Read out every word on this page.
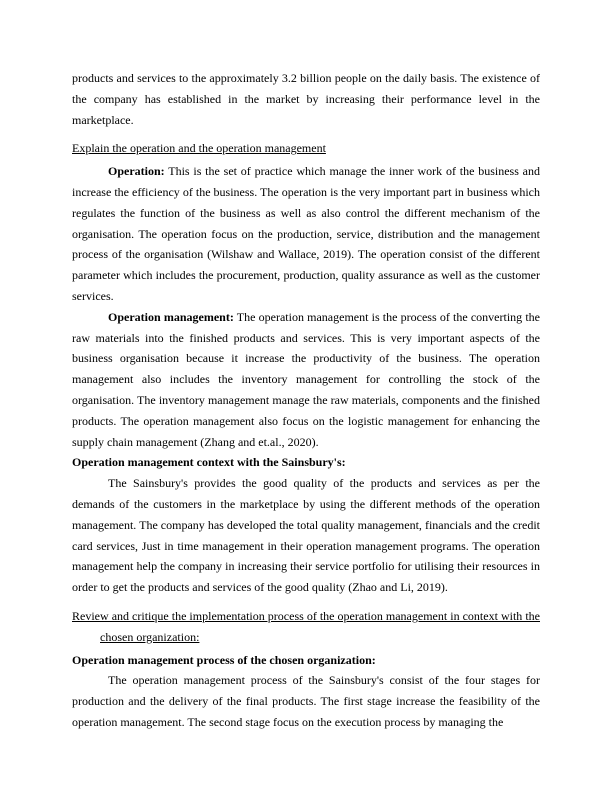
products and services to the approximately 3.2 billion people on the daily basis. The existence of the company has established in the market by increasing their performance level in the marketplace.

Explain the operation and the operation management

Operation: This is the set of practice which manage the inner work of the business and increase the efficiency of the business. The operation is the very important part in business which regulates the function of the business as well as also control the different mechanism of the organisation. The operation focus on the production, service, distribution and the management process of the organisation (Wilshaw and Wallace, 2019). The operation consist of the different parameter which includes the procurement, production, quality assurance as well as the customer services.

Operation management: The operation management is the process of the converting the raw materials into the finished products and services. This is very important aspects of the business organisation because it increase the productivity of the business. The operation management also includes the inventory management for controlling the stock of the organisation. The inventory management manage the raw materials, components and the finished products. The operation management also focus on the logistic management for enhancing the supply chain management (Zhang and et.al., 2020).

Operation management context with the Sainsbury's:

The Sainsbury's provides the good quality of the products and services as per the demands of the customers in the marketplace by using the different methods of the operation management. The company has developed the total quality management, financials and the credit card services, Just in time management in their operation management programs. The operation management help the company in increasing their service portfolio for utilising their resources in order to get the products and services of the good quality (Zhao and Li, 2019).

Review and critique the implementation process of the operation management in context with the chosen organization:

Operation management process of the chosen organization:

The operation management process of the Sainsbury's consist of the four stages for production and the delivery of the final products. The first stage increase the feasibility of the operation management. The second stage focus on the execution process by managing the
